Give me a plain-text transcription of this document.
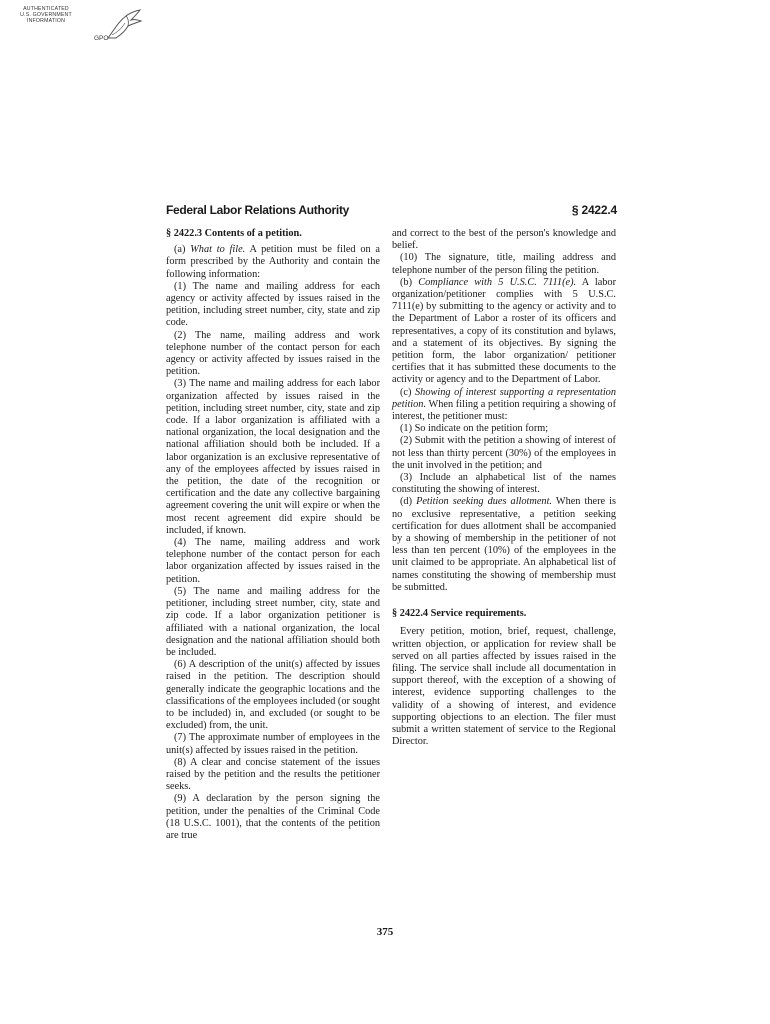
AUTHENTICATED
U.S. GOVERNMENT
INFORMATION
GPO
Federal Labor Relations Authority	§ 2422.4

§ 2422.3 Contents of a petition.

(a) What to file. A petition must be filed on a form prescribed by the Authority and contain the following information:

(1) The name and mailing address for each agency or activity affected by issues raised in the petition, including street number, city, state and zip code.

(2) The name, mailing address and work telephone number of the contact person for each agency or activity affected by issues raised in the petition.

(3) The name and mailing address for each labor organization affected by issues raised in the petition, including street number, city, state and zip code. If a labor organization is affiliated with a national organization, the local designation and the national affiliation should both be included. If a labor organization is an exclusive representative of any of the employees affected by issues raised in the petition, the date of the recognition or certification and the date any collective bargaining agreement covering the unit will expire or when the most recent agreement did expire should be included, if known.

(4) The name, mailing address and work telephone number of the contact person for each labor organization affected by issues raised in the petition.

(5) The name and mailing address for the petitioner, including street number, city, state and zip code. If a labor organization petitioner is affiliated with a national organization, the local designation and the national affiliation should both be included.

(6) A description of the unit(s) affected by issues raised in the petition. The description should generally indicate the geographic locations and the classifications of the employees included (or sought to be included) in, and excluded (or sought to be excluded) from, the unit.

(7) The approximate number of employees in the unit(s) affected by issues raised in the petition.

(8) A clear and concise statement of the issues raised by the petition and the results the petitioner seeks.

(9) A declaration by the person signing the petition, under the penalties of the Criminal Code (18 U.S.C. 1001), that the contents of the petition are true

and correct to the best of the person's knowledge and belief.

(10) The signature, title, mailing address and telephone number of the person filing the petition.

(b) Compliance with 5 U.S.C. 7111(e). A labor organization/petitioner complies with 5 U.S.C. 7111(e) by submitting to the agency or activity and to the Department of Labor a roster of its officers and representatives, a copy of its constitution and bylaws, and a statement of its objectives. By signing the petition form, the labor organization/ petitioner certifies that it has submitted these documents to the activity or agency and to the Department of Labor.

(c) Showing of interest supporting a representation petition. When filing a petition requiring a showing of interest, the petitioner must:

(1) So indicate on the petition form;

(2) Submit with the petition a showing of interest of not less than thirty percent (30%) of the employees in the unit involved in the petition; and

(3) Include an alphabetical list of the names constituting the showing of interest.

(d) Petition seeking dues allotment. When there is no exclusive representative, a petition seeking certification for dues allotment shall be accompanied by a showing of membership in the petitioner of not less than ten percent (10%) of the employees in the unit claimed to be appropriate. An alphabetical list of names constituting the showing of membership must be submitted.

§ 2422.4 Service requirements.

Every petition, motion, brief, request, challenge, written objection, or application for review shall be served on all parties affected by issues raised in the filing. The service shall include all documentation in support thereof, with the exception of a showing of interest, evidence supporting challenges to the validity of a showing of interest, and evidence supporting objections to an election. The filer must submit a written statement of service to the Regional Director.

375
